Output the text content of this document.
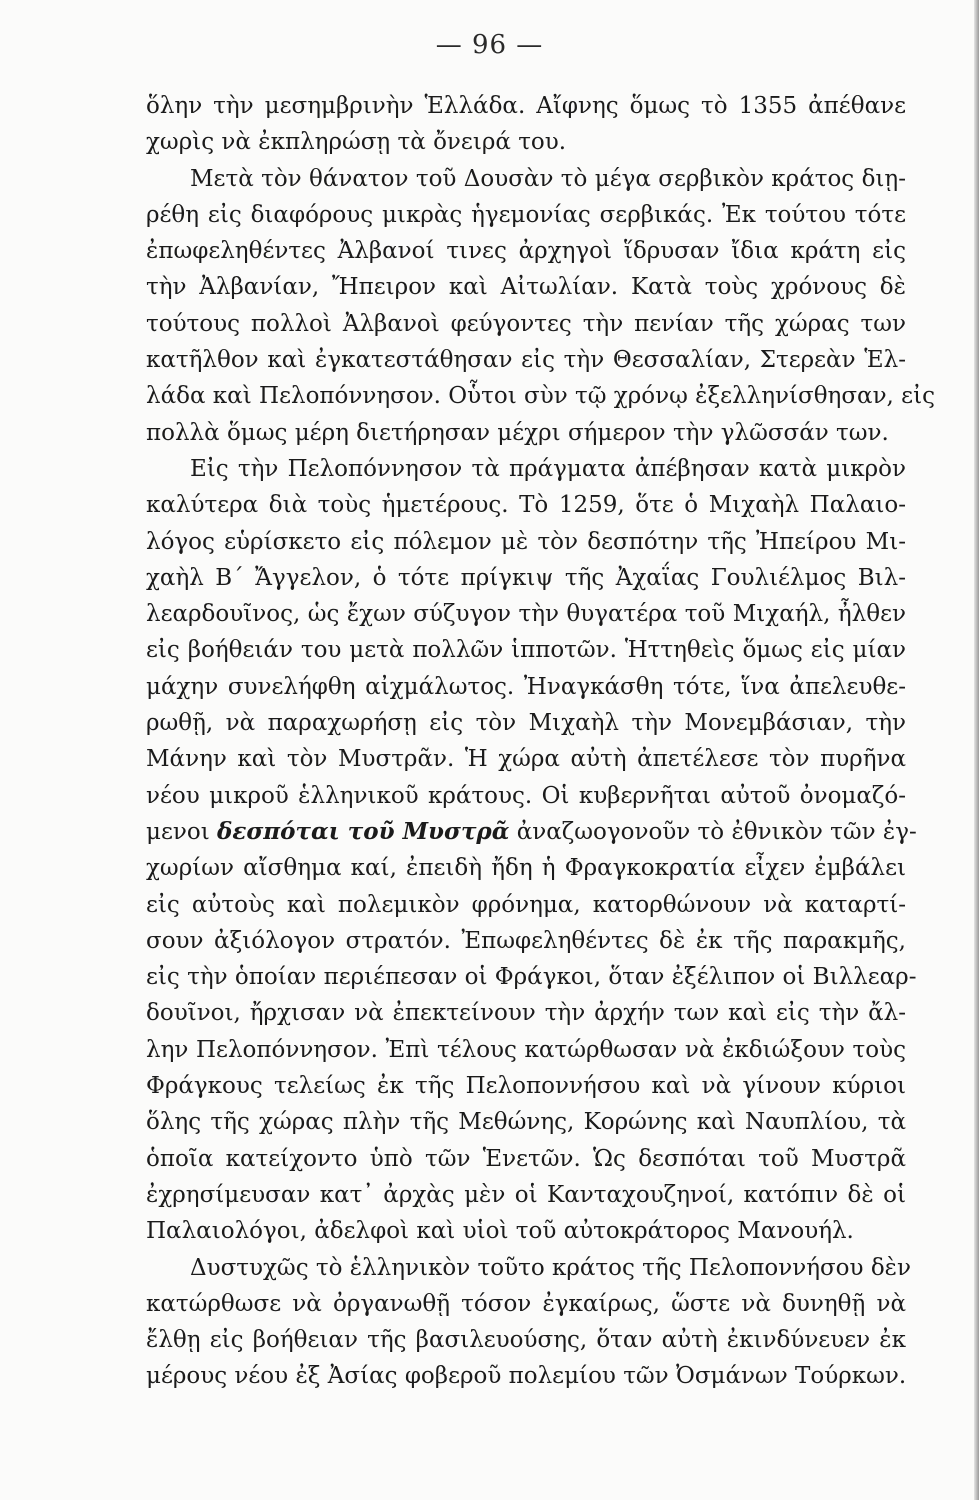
— 96 —
ὅλην τὴν μεσημβρινὴν Ἑλλάδα. Αἴφνης ὅμως τὸ 1355 ἀπέθανε
χωρὶς νὰ ἐκπληρώσῃ τὰ ὄνειρά του.
Μετὰ τὸν θάνατον τοῦ Δουσὰν τὸ μέγα σερβικὸν κράτος διῃ-
ρέθη εἰς διαφόρους μικρὰς ἡγεμονίας σερβικάς. Ἐκ τούτου τότε
ἐπωφεληθέντες Ἀλβανοί τινες ἀρχηγοὶ ἵδρυσαν ἴδια κράτη εἰς
τὴν Ἀλβανίαν, Ἤπειρον καὶ Αἰτωλίαν. Κατὰ τοὺς χρόνους δὲ
τούτους πολλοὶ Ἀλβανοὶ φεύγοντες τὴν πενίαν τῆς χώρας των
κατῆλθον καὶ ἐγκατεστάθησαν εἰς τὴν Θεσσαλίαν, Στερεὰν Ἑλ-
λάδα καὶ Πελοπόννησον. Οὗτοι σὺν τῷ χρόνῳ ἐξελληνίσθησαν, εἰς
πολλὰ ὅμως μέρη διετήρησαν μέχρι σήμερον τὴν γλῶσσάν των.
Εἰς τὴν Πελοπόννησον τὰ πράγματα ἀπέβησαν κατὰ μικρὸν
καλύτερα διὰ τοὺς ἡμετέρους. Τὸ 1259, ὅτε ὁ Μιχαὴλ Παλαιο-
λόγος εὑρίσκετο εἰς πόλεμον μὲ τὸν δεσπότην τῆς Ἠπείρου Μι-
χαὴλ Β΄ Ἄγγελον, ὁ τότε πρίγκιψ τῆς Ἀχαΐας Γουλιέλμος Βιλ-
λεαρδουῖνος, ὡς ἔχων σύζυγον τὴν θυγατέρα τοῦ Μιχαήλ, ἦλθεν
εἰς βοήθειάν του μετὰ πολλῶν ἱπποτῶν. Ἡττηθεὶς ὅμως εἰς μίαν
μάχην συνελήφθη αἰχμάλωτος. Ἠναγκάσθη τότε, ἵνα ἀπελευθε-
ρωθῇ, νὰ παραχωρήσῃ εἰς τὸν Μιχαὴλ τὴν Μονεμβάσιαν, τὴν
Μάνην καὶ τὸν Μυστρᾶν. Ἡ χώρα αὐτὴ ἀπετέλεσε τὸν πυρῆνα
νέου μικροῦ ἑλληνικοῦ κράτους. Οἱ κυβερνῆται αὐτοῦ ὀνομαζό-
μενοι δεσπόται τοῦ Μυστρᾶ ἀναζωογονοῦν τὸ ἐθνικὸν τῶν ἐγ-
χωρίων αἴσθημα καί, ἐπειδὴ ἤδη ἡ Φραγκοκρατία εἶχεν ἐμβάλει
εἰς αὐτοὺς καὶ πολεμικὸν φρόνημα, κατορθώνουν νὰ καταρτί-
σουν ἀξιόλογον στρατόν. Ἐπωφεληθέντες δὲ ἐκ τῆς παρακμῆς,
εἰς τὴν ὁποίαν περιέπεσαν οἱ Φράγκοι, ὅταν ἐξέλιπον οἱ Βιλλεαρ-
δουῖνοι, ἤρχισαν νὰ ἐπεκτείνουν τὴν ἀρχήν των καὶ εἰς τὴν ἄλ-
λην Πελοπόννησον. Ἐπὶ τέλους κατώρθωσαν νὰ ἐκδιώξουν τοὺς
Φράγκους τελείως ἐκ τῆς Πελοποννήσου καὶ νὰ γίνουν κύριοι
ὅλης τῆς χώρας πλὴν τῆς Μεθώνης, Κορώνης καὶ Ναυπλίου, τὰ
ὁποῖα κατείχοντο ὑπὸ τῶν Ἑνετῶν. Ὡς δεσπόται τοῦ Μυστρᾶ
ἐχρησίμευσαν κατ᾽ ἀρχὰς μὲν οἱ Κανταχουζηνοί, κατόπιν δὲ οἱ
Παλαιολόγοι, ἀδελφοὶ καὶ υἱοὶ τοῦ αὐτοκράτορος Μανουήλ.
Δυστυχῶς τὸ ἑλληνικὸν τοῦτο κράτος τῆς Πελοποννήσου δὲν
κατώρθωσε νὰ ὀργανωθῇ τόσον ἐγκαίρως, ὥστε νὰ δυνηθῇ νὰ
ἔλθῃ εἰς βοήθειαν τῆς βασιλευούσης, ὅταν αὐτὴ ἐκινδύνευεν ἐκ
μέρους νέου ἐξ Ἀσίας φοβεροῦ πολεμίου τῶν Ὀσμάνων Τούρκων.
